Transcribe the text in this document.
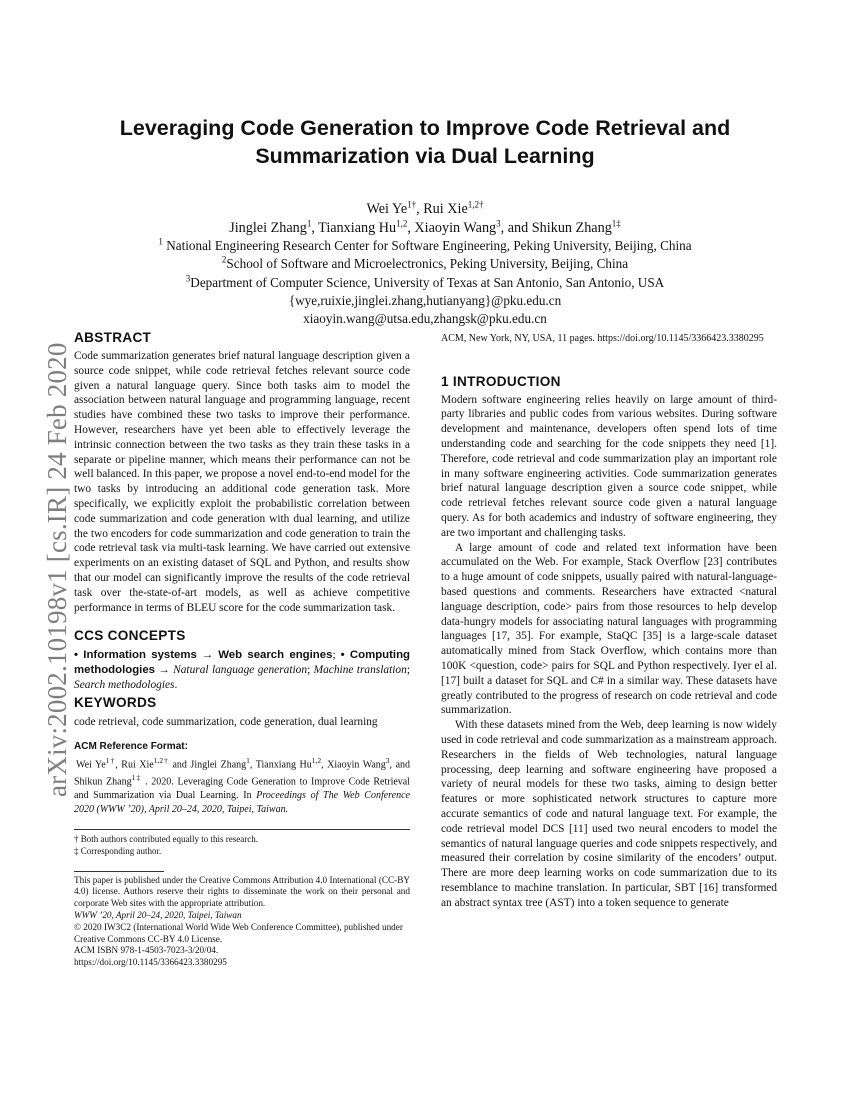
arXiv:2002.10198v1 [cs.IR] 24 Feb 2020
Leveraging Code Generation to Improve Code Retrieval and
Summarization via Dual Learning
Wei $Ye^{1\dagger}$, Rui Xie$^{1,2\dagger}$
Jinglei Zhang$^1$, Tianxiang Hu$^{1,2}$, Xiaoyin Wang$^3$, and Shikun Zhang$^{1\ddagger}$
$^1$ National Engineering Research Center for Software Engineering, Peking University, Beijing, China
$^2$School of Software and Microelectronics, Peking University, Beijing, China
$^3$Department of Computer Science, University of Texas at San Antonio, San Antonio, USA
{wye,ruixie,jinglei.zhang,hutianyang}@pku.edu.cn
xiaoyin.wang@utsa.edu,zhangsk@pku.edu.cn
ABSTRACT

Code summarization generates brief natural language description given a source code snippet, while code retrieval fetches relevant source code given a natural language query. Since both tasks aim to model the association between natural language and programming language, recent studies have combined these two tasks to improve their performance. However, researchers have yet been able to effectively leverage the intrinsic connection between the two tasks as they train these tasks in a separate or pipeline manner, which means their performance can not be well balanced. In this paper, we propose a novel end-to-end model for the two tasks by introducing an additional code generation task. More specifically, we explicitly exploit the probabilistic correlation between code summarization and code generation with dual learning, and utilize the two encoders for code summarization and code generation to train the code retrieval task via multi-task learning. We have carried out extensive experiments on an existing dataset of SQL and Python, and results show that our model can significantly improve the results of the code retrieval task over the-state-of-art models, as well as achieve competitive performance in terms of BLEU score for the code summarization task.

CCS CONCEPTS

• Information systems → Web search engines; • Computing methodologies → Natural language generation; Machine translation; Search methodologies.

KEYWORDS

code retrieval, code summarization, code generation, dual learning

ACM Reference Format:
Wei $Ye^{1\dagger}$, Rui Xie$^{1,2\dagger}$ and Jinglei Zhang$^1$, Tianxiang Hu$^{1,2}$, Xiaoyin Wang$^3$, and Shikun Zhang$^{1\ddagger}$ . 2020. Leveraging Code Generation to Improve Code Retrieval and Summarization via Dual Learning. In Proceedings of The Web Conference 2020 (WWW ’20), April 20–24, 2020, Taipei, Taiwan.
† Both authors contributed equally to this research.
‡ Corresponding author.
This paper is published under the Creative Commons Attribution 4.0 International (CC-BY 4.0) license. Authors reserve their rights to disseminate the work on their personal and corporate Web sites with the appropriate attribution.
WWW ’20, April 20–24, 2020, Taipei, Taiwan
© 2020 IW3C2 (International World Wide Web Conference Committee), published under Creative Commons CC-BY 4.0 License.
ACM ISBN 978-1-4503-7023-3/20/04.
https://doi.org/10.1145/3366423.3380295
ACM, New York, NY, USA, 11 pages. https://doi.org/10.1145/3366423.3380295
1 INTRODUCTION

Modern software engineering relies heavily on large amount of third-party libraries and public codes from various websites. During software development and maintenance, developers often spend lots of time understanding code and searching for the code snippets they need [1]. Therefore, code retrieval and code summarization play an important role in many software engineering activities. Code summarization generates brief natural language description given a source code snippet, while code retrieval fetches relevant source code given a natural language query. As for both academics and industry of software engineering, they are two important and challenging tasks.

A large amount of code and related text information have been accumulated on the Web. For example, Stack Overflow [23] contributes to a huge amount of code snippets, usually paired with natural-language-based questions and comments. Researchers have extracted <natural language description, code> pairs from those resources to help develop data-hungry models for associating natural languages with programming languages [17, 35]. For example, StaQC [35] is a large-scale dataset automatically mined from Stack Overflow, which contains more than 100K <question, code> pairs for SQL and Python respectively. Iyer el al. [17] built a dataset for SQL and C# in a similar way. These datasets have greatly contributed to the progress of research on code retrieval and code summarization.

With these datasets mined from the Web, deep learning is now widely used in code retrieval and code summarization as a mainstream approach. Researchers in the fields of Web technologies, natural language processing, deep learning and software engineering have proposed a variety of neural models for these two tasks, aiming to design better features or more sophisticated network structures to capture more accurate semantics of code and natural language text. For example, the code retrieval model DCS [11] used two neural encoders to model the semantics of natural language queries and code snippets respectively, and measured their correlation by cosine similarity of the encoders’ output. There are more deep learning works on code summarization due to its resemblance to machine translation. In particular, SBT [16] transformed an abstract syntax tree (AST) into a token sequence to generate
